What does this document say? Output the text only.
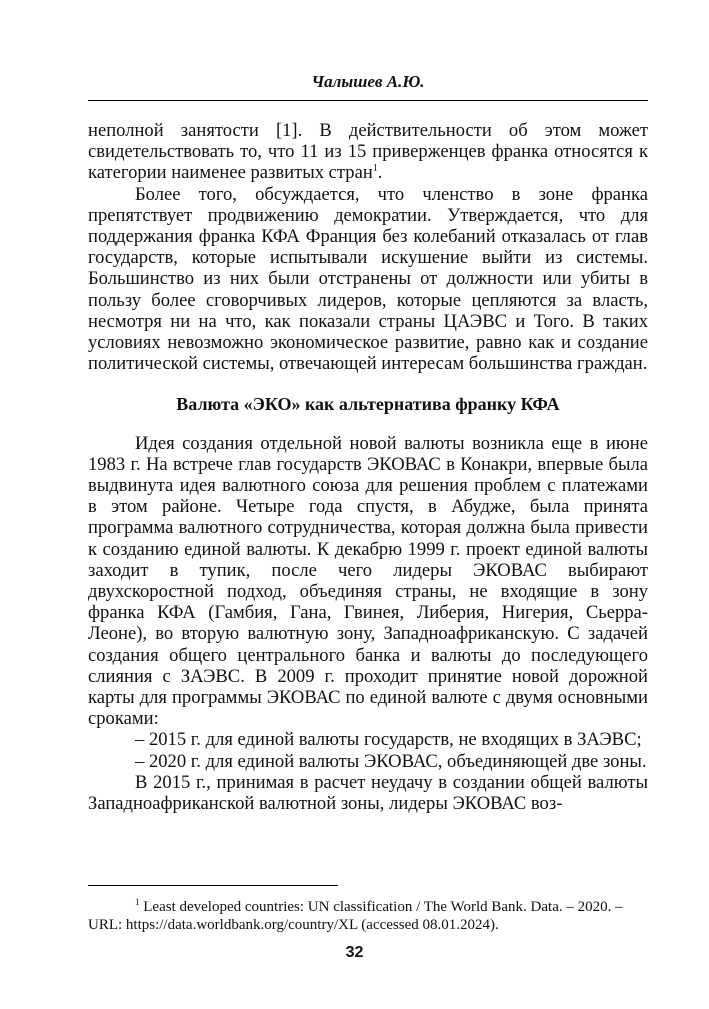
Чалышев А.Ю.

неполной занятости [1]. В действительности об этом может свидетельствовать то, что 11 из 15 приверженцев франка относятся к категории наименее развитых стран$^1$.

Более того, обсуждается, что членство в зоне франка препятствует продвижению демократии. Утверждается, что для поддержания франка КФА Франция без колебаний отказалась от глав государств, которые испытывали искушение выйти из системы. Большинство из них были отстранены от должности или убиты в пользу более сговорчивых лидеров, которые цепляются за власть, несмотря ни на что, как показали страны ЦАЭВС и Того. В таких условиях невозможно экономическое развитие, равно как и создание политической системы, отвечающей интересам большинства граждан.

Валюта «ЭКО» как альтернатива франку КФА

Идея создания отдельной новой валюты возникла еще в июне 1983 г. На встрече глав государств ЭКОВАС в Конакри, впервые была выдвинута идея валютного союза для решения проблем с платежами в этом районе. Четыре года спустя, в Абудже, была принята программа валютного сотрудничества, которая должна была привести к созданию единой валюты. К декабрю 1999 г. проект единой валюты заходит в тупик, после чего лидеры ЭКОВАС выбирают двухскоростной подход, объединяя страны, не входящие в зону франка КФА (Гамбия, Гана, Гвинея, Либерия, Нигерия, Сьерра-Леоне), во вторую валютную зону, Западноафриканскую. С задачей создания общего центрального банка и валюты до последующего слияния с ЗАЭВС. В 2009 г. проходит принятие новой дорожной карты для программы ЭКОВАС по единой валюте с двумя основными сроками:

– 2015 г. для единой валюты государств, не входящих в ЗАЭВС;

– 2020 г. для единой валюты ЭКОВАС, объединяющей две зоны.

В 2015 г., принимая в расчет неудачу в создании общей валюты Западноафриканской валютной зоны, лидеры ЭКОВАС воз-

$^1$ Least developed countries: UN classification / The World Bank. Data. – 2020. –
URL: https://data.worldbank.org/country/XL (accessed 08.01.2024).
32
